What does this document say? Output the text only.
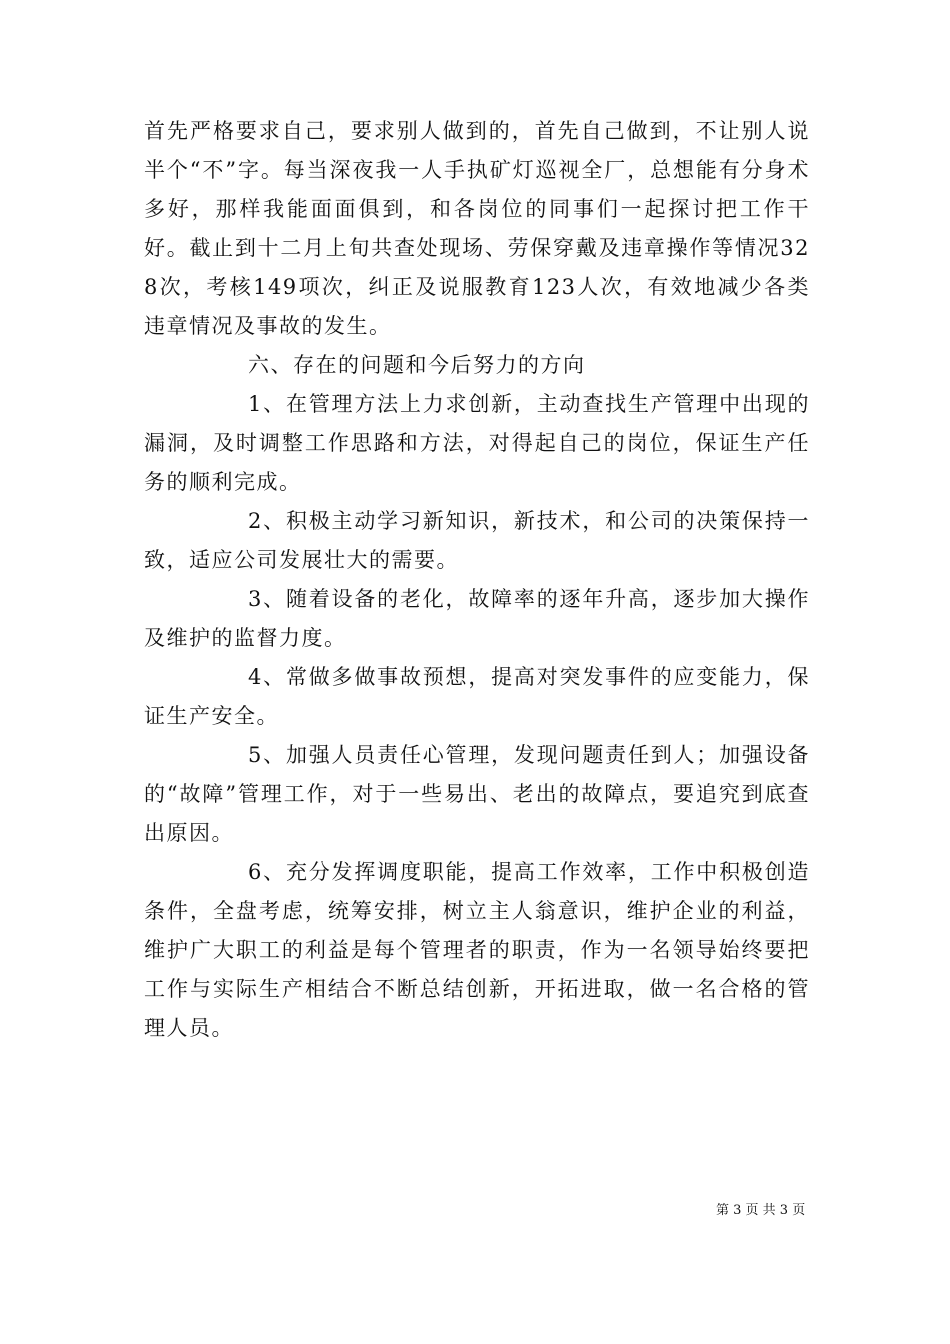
首先严格要求自己，要求别人做到的，首先自己做到，不让别人说半个“不”字。每当深夜我一人手执矿灯巡视全厂，总想能有分身术多好，那样我能面面俱到，和各岗位的同事们一起探讨把工作干好。截止到十二月上旬共查处现场、劳保穿戴及违章操作等情况328次，考核149项次，纠正及说服教育123人次，有效地减少各类违章情况及事故的发生。

六、存在的问题和今后努力的方向

1、在管理方法上力求创新，主动查找生产管理中出现的漏洞，及时调整工作思路和方法，对得起自己的岗位，保证生产任务的顺利完成。

2、积极主动学习新知识，新技术，和公司的决策保持一致，适应公司发展壮大的需要。

3、随着设备的老化，故障率的逐年升高，逐步加大操作及维护的监督力度。

4、常做多做事故预想，提高对突发事件的应变能力，保证生产安全。

5、加强人员责任心管理，发现问题责任到人；加强设备的“故障”管理工作，对于一些易出、老出的故障点，要追究到底查出原因。

6、充分发挥调度职能，提高工作效率，工作中积极创造条件，全盘考虑，统筹安排，树立主人翁意识，维护企业的利益，维护广大职工的利益是每个管理者的职责，作为一名领导始终要把工作与实际生产相结合不断总结创新，开拓进取，做一名合格的管理人员。

第 3 页 共 3 页
